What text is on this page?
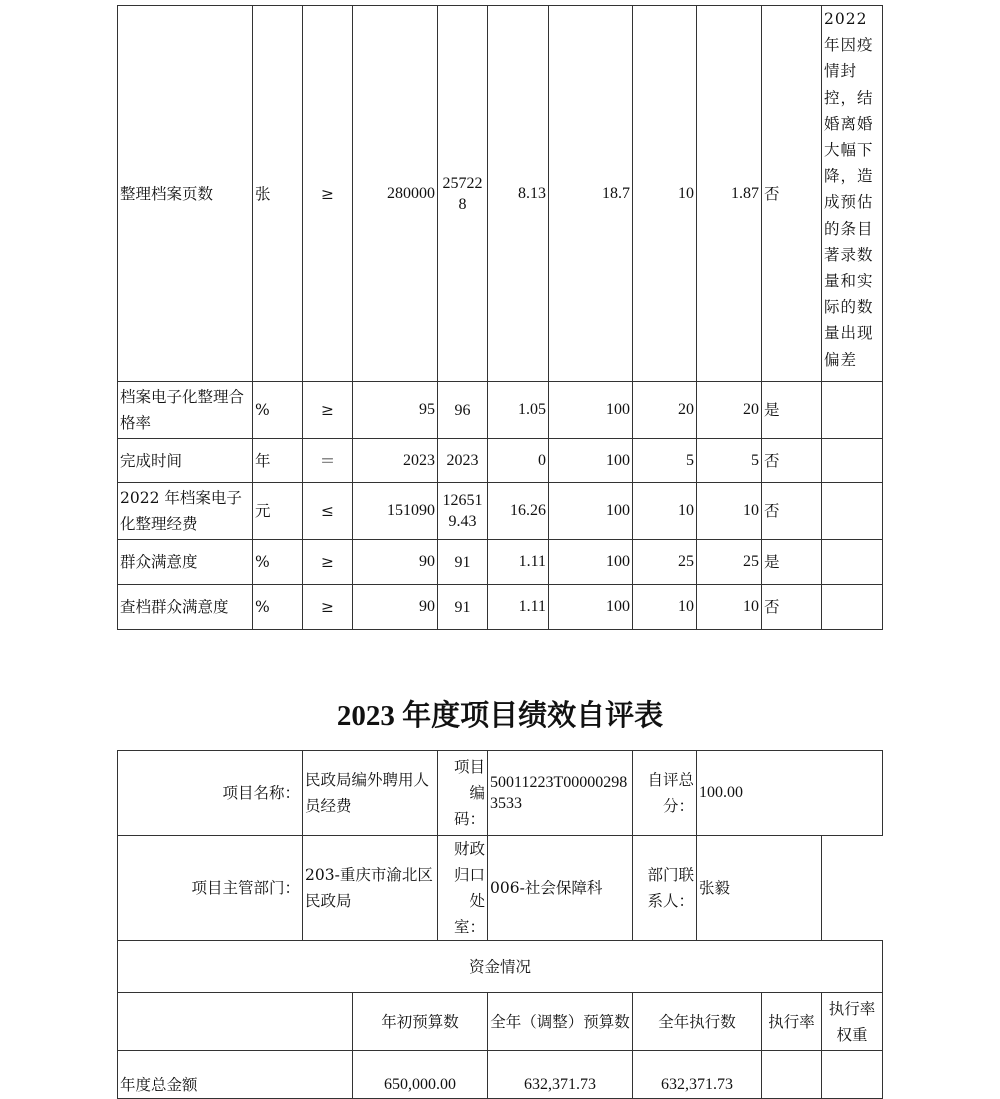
整理档案页数	张	≥	280000	257228	8.13	18.7	10	1.87	否	2022年因疫情封控，结婚离婚大幅下降，造成预估的条目著录数量和实际的数量出现偏差
档案电子化整理合格率	%	≥	95	96	1.05	100	20	20	是	
完成时间	年	＝	2023	2023	0	100	5	5	否	
2022 年档案电子化整理经费	元	≤	151090	126519.43	16.26	100	10	10	否	
群众满意度	%	≥	90	91	1.11	100	25	25	是	
查档群众满意度	%	≥	90	91	1.11	100	10	10	否	
2023 年度项目绩效自评表
项目名称：	民政局编外聘用人员经费		项目编码：	50011223T000002983533	自评总分：	100.00		
项目主管部门：	203-重庆市渝北区民政局		财政归口处室：	006-社会保障科	部门联系人：	张毅		
资金情况								
		年初预算数		全年（调整）预算数	全年执行数		执行率	执行率权重
年度总金额		650,000.00		632,371.73	632,371.73			
